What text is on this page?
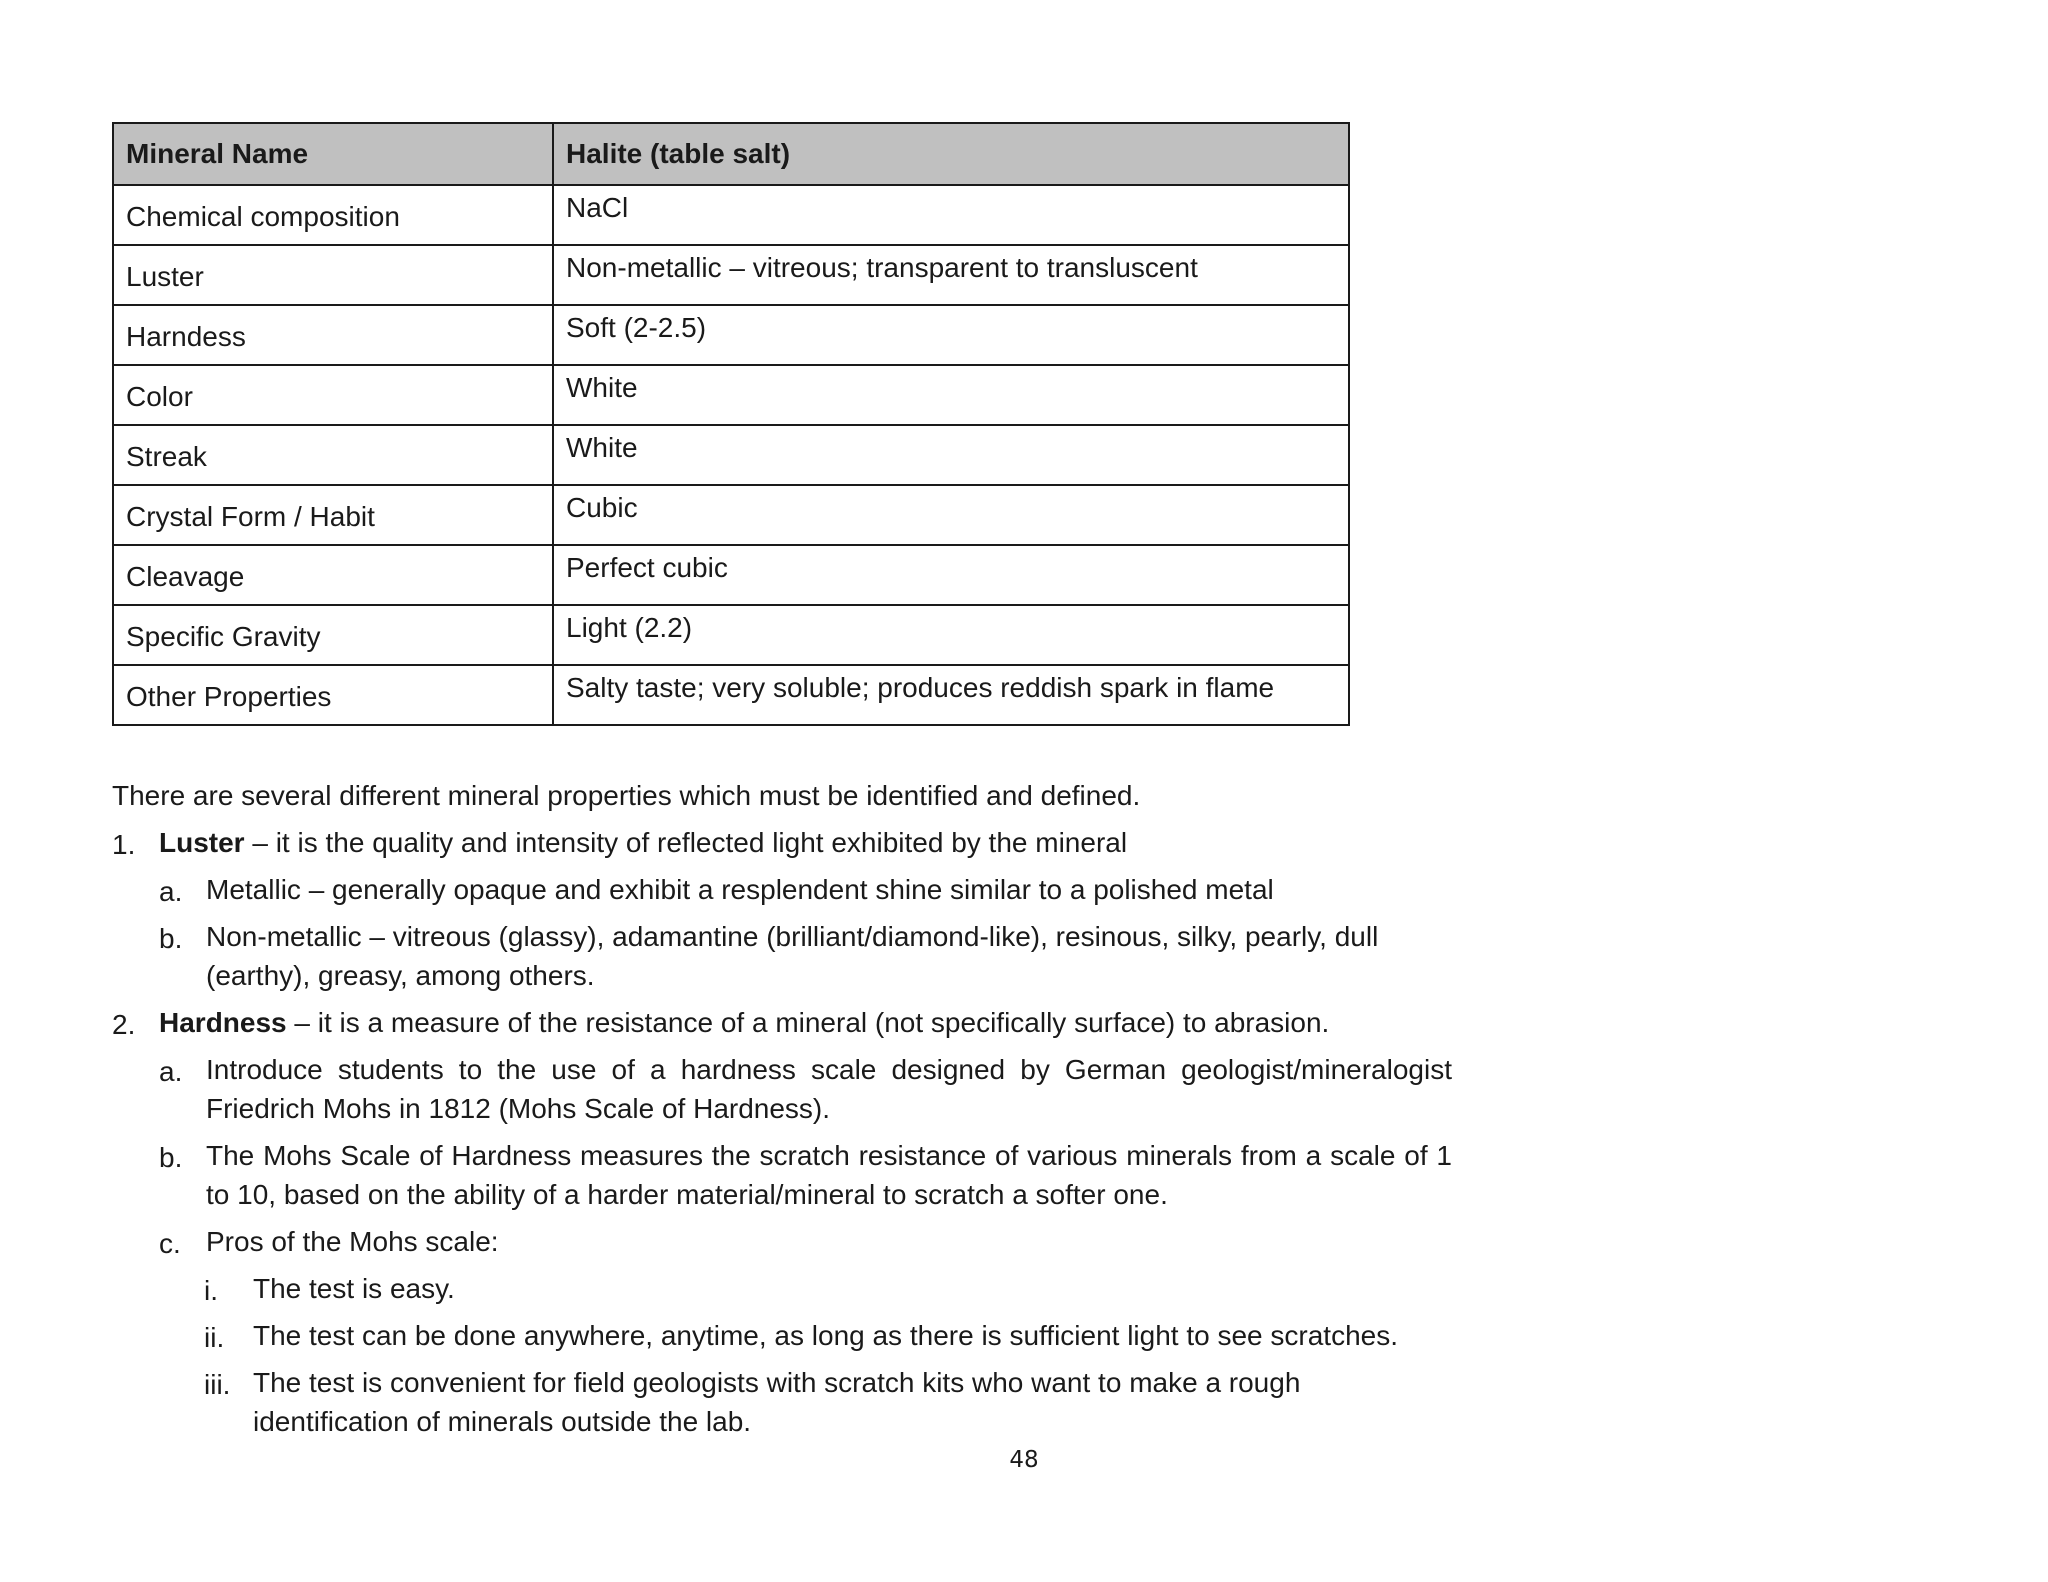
Mineral Name	Halite (table salt)
Chemical composition	NaCl
Luster	Non-metallic – vitreous; transparent to transluscent
Harndess	Soft (2-2.5)
Color	White
Streak	White
Crystal Form / Habit	Cubic
Cleavage	Perfect cubic
Specific Gravity	Light (2.2)
Other Properties	Salty taste; very soluble; produces reddish spark in flame

There are several different mineral properties which must be identified and defined.

1. Luster – it is the quality and intensity of reflected light exhibited by the mineral
a. Metallic – generally opaque and exhibit a resplendent shine similar to a polished metal
b. Non-metallic – vitreous (glassy), adamantine (brilliant/diamond-like), resinous, silky, pearly, dull (earthy), greasy, among others.
2. Hardness – it is a measure of the resistance of a mineral (not specifically surface) to abrasion.
a. Introduce students to the use of a hardness scale designed by German geologist/mineralogist Friedrich Mohs in 1812 (Mohs Scale of Hardness).
b. The Mohs Scale of Hardness measures the scratch resistance of various minerals from a scale of 1 to 10, based on the ability of a harder material/mineral to scratch a softer one.
c. Pros of the Mohs scale:
i. The test is easy.
ii. The test can be done anywhere, anytime, as long as there is sufficient light to see scratches.
iii. The test is convenient for field geologists with scratch kits who want to make a rough identification of minerals outside the lab.
48
